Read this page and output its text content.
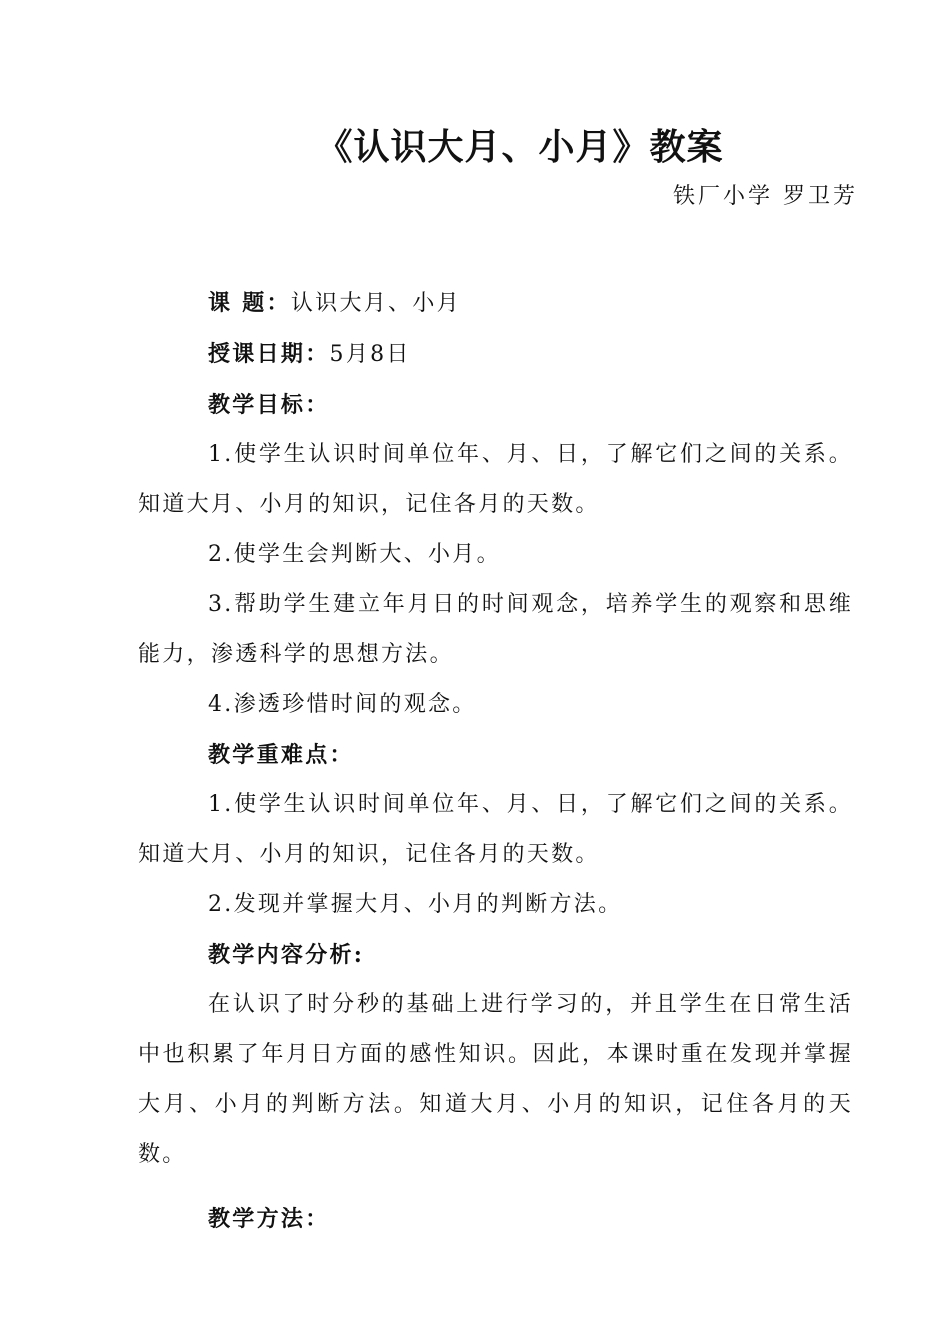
《认识大月、小月》教案
铁厂小学 罗卫芳

课 题：认识大月、小月

授课日期：5月8日

教学目标：

1.使学生认识时间单位年、月、日，了解它们之间的关系。知道大月、小月的知识，记住各月的天数。

2.使学生会判断大、小月。

3.帮助学生建立年月日的时间观念，培养学生的观察和思维能力，渗透科学的思想方法。

4.渗透珍惜时间的观念。

教学重难点：

1.使学生认识时间单位年、月、日，了解它们之间的关系。知道大月、小月的知识，记住各月的天数。

2.发现并掌握大月、小月的判断方法。

教学内容分析:

在认识了时分秒的基础上进行学习的，并且学生在日常生活中也积累了年月日方面的感性知识。因此，本课时重在发现并掌握大月、小月的判断方法。知道大月、小月的知识，记住各月的天数。

教学方法：
